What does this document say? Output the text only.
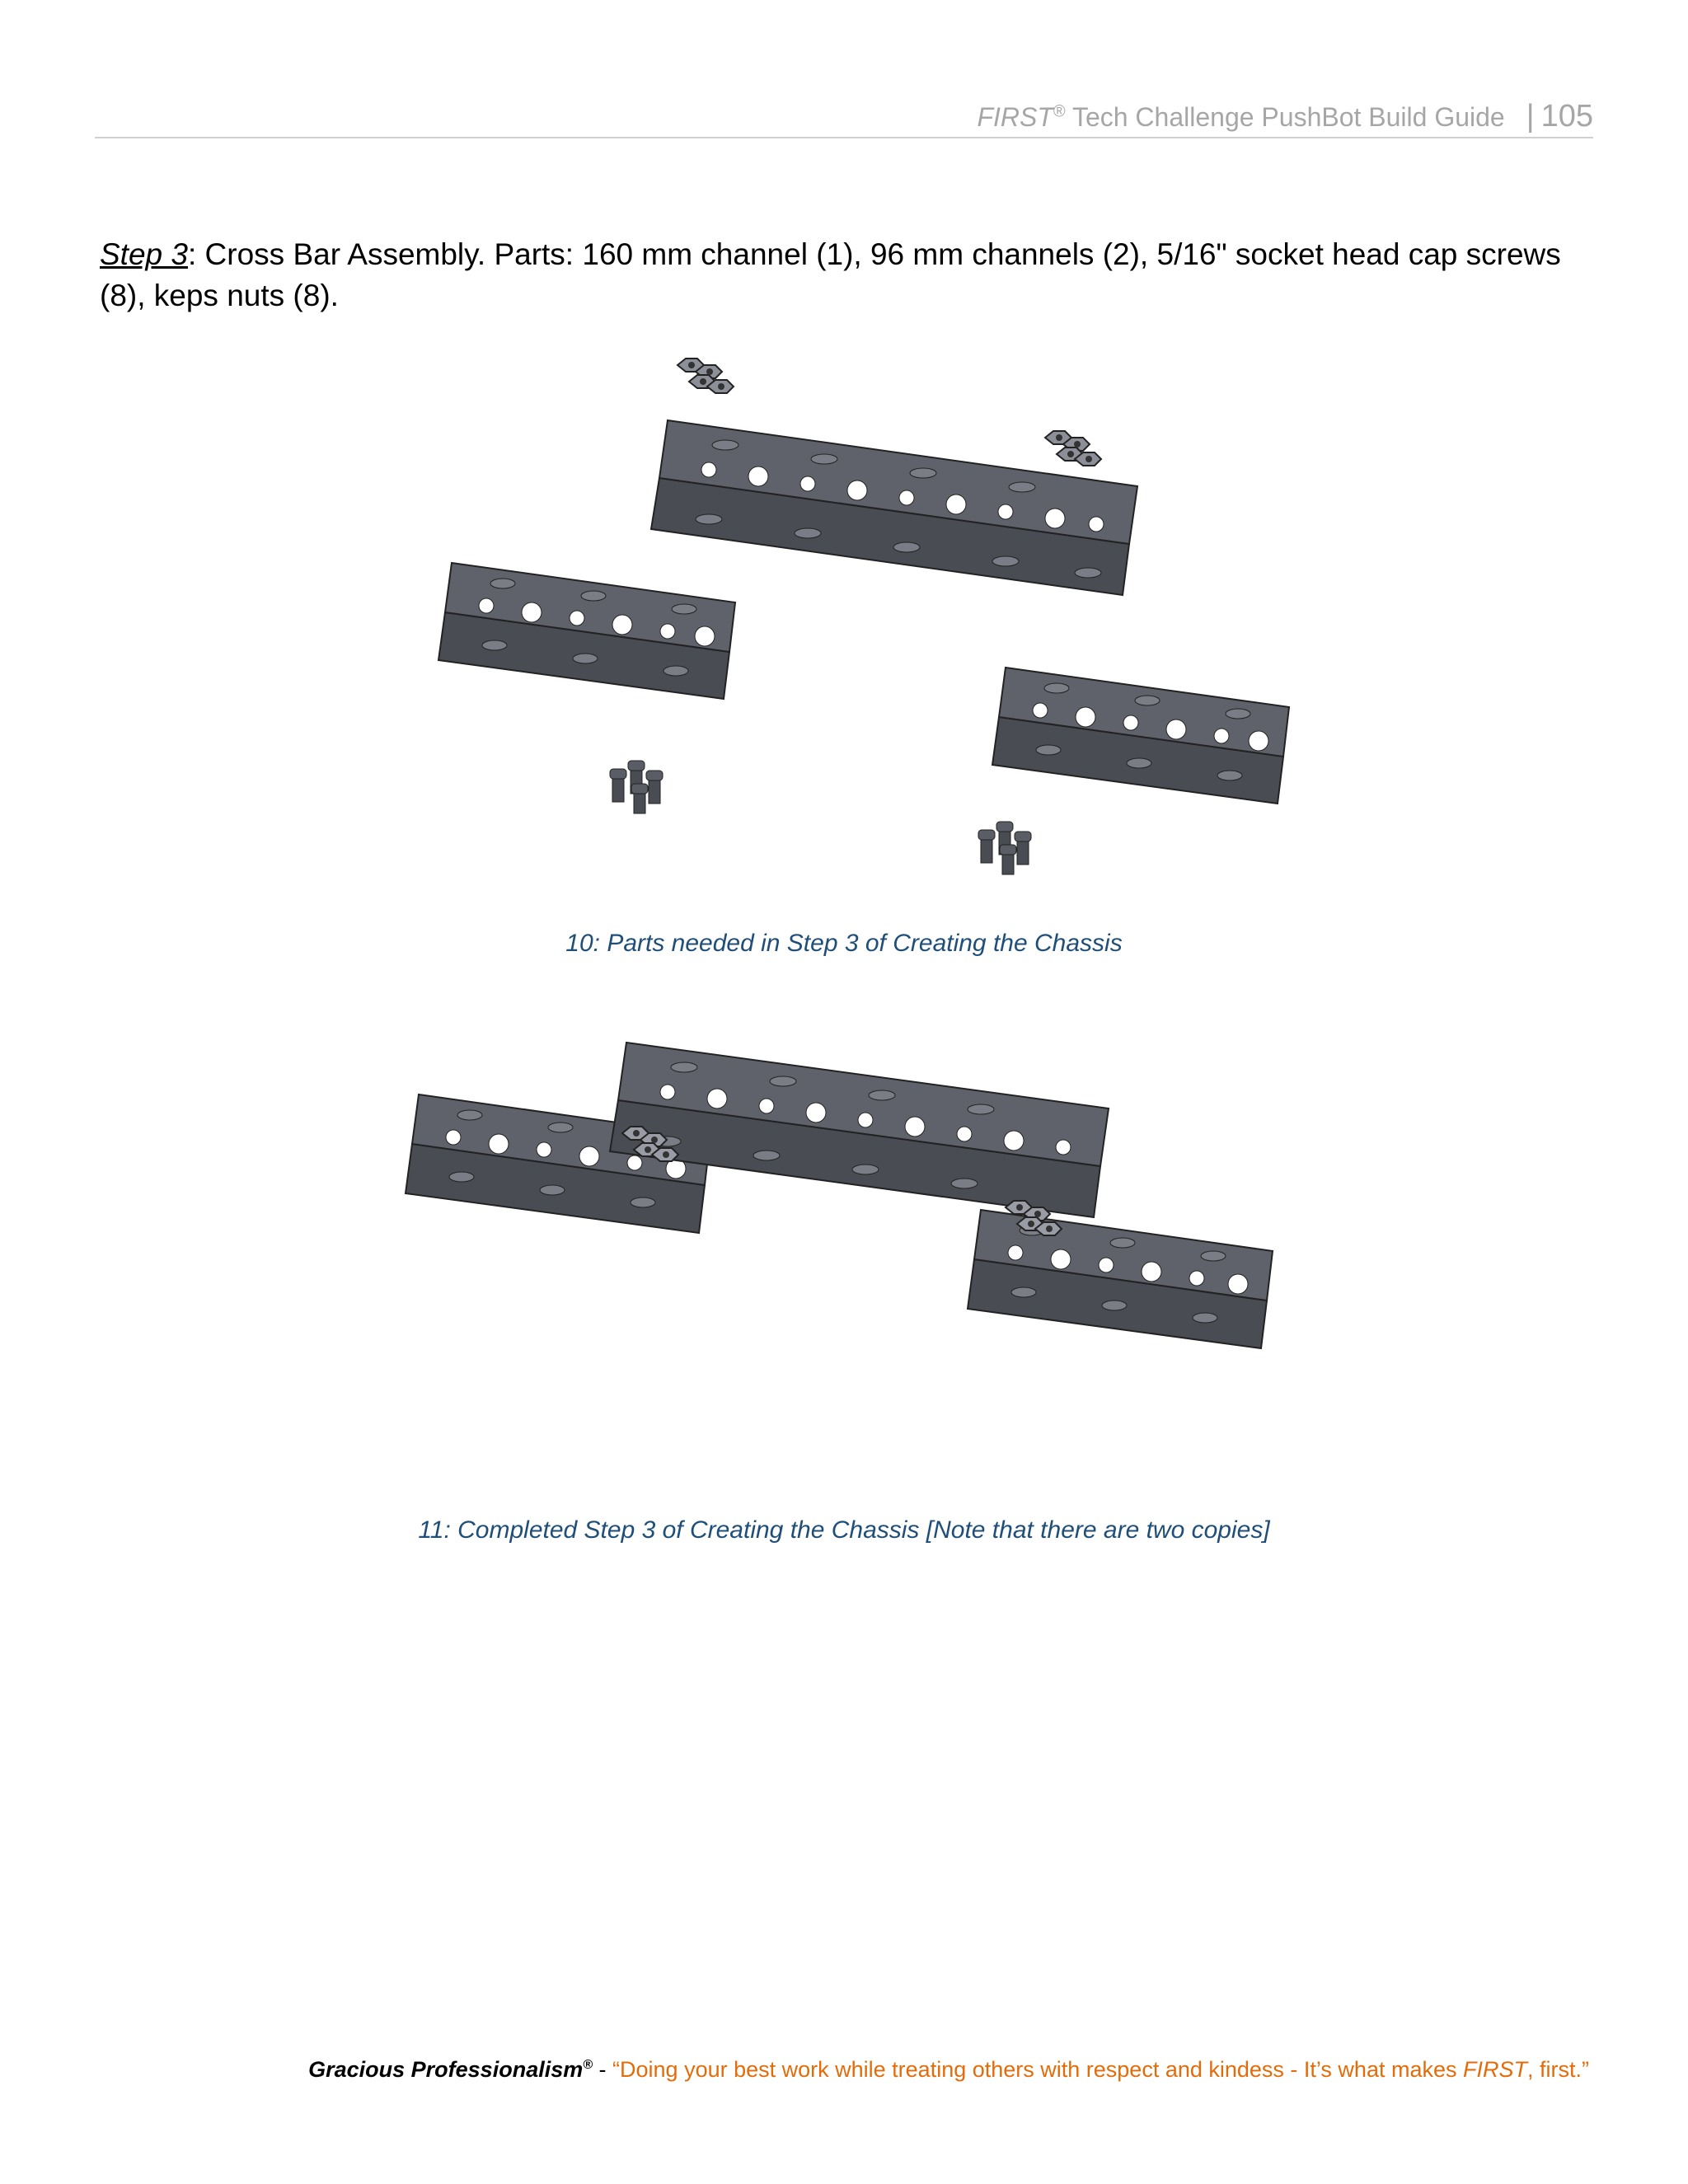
FIRST® Tech Challenge PushBot Build Guide | 105
Step 3: Cross Bar Assembly. Parts: 160 mm channel (1), 96 mm channels (2), 5/16" socket head cap screws (8), keps nuts (8).
10: Parts needed in Step 3 of Creating the Chassis
11: Completed Step 3 of Creating the Chassis [Note that there are two copies]
Gracious Professionalism® - “Doing your best work while treating others with respect and kindess - It’s what makes FIRST, first.”
